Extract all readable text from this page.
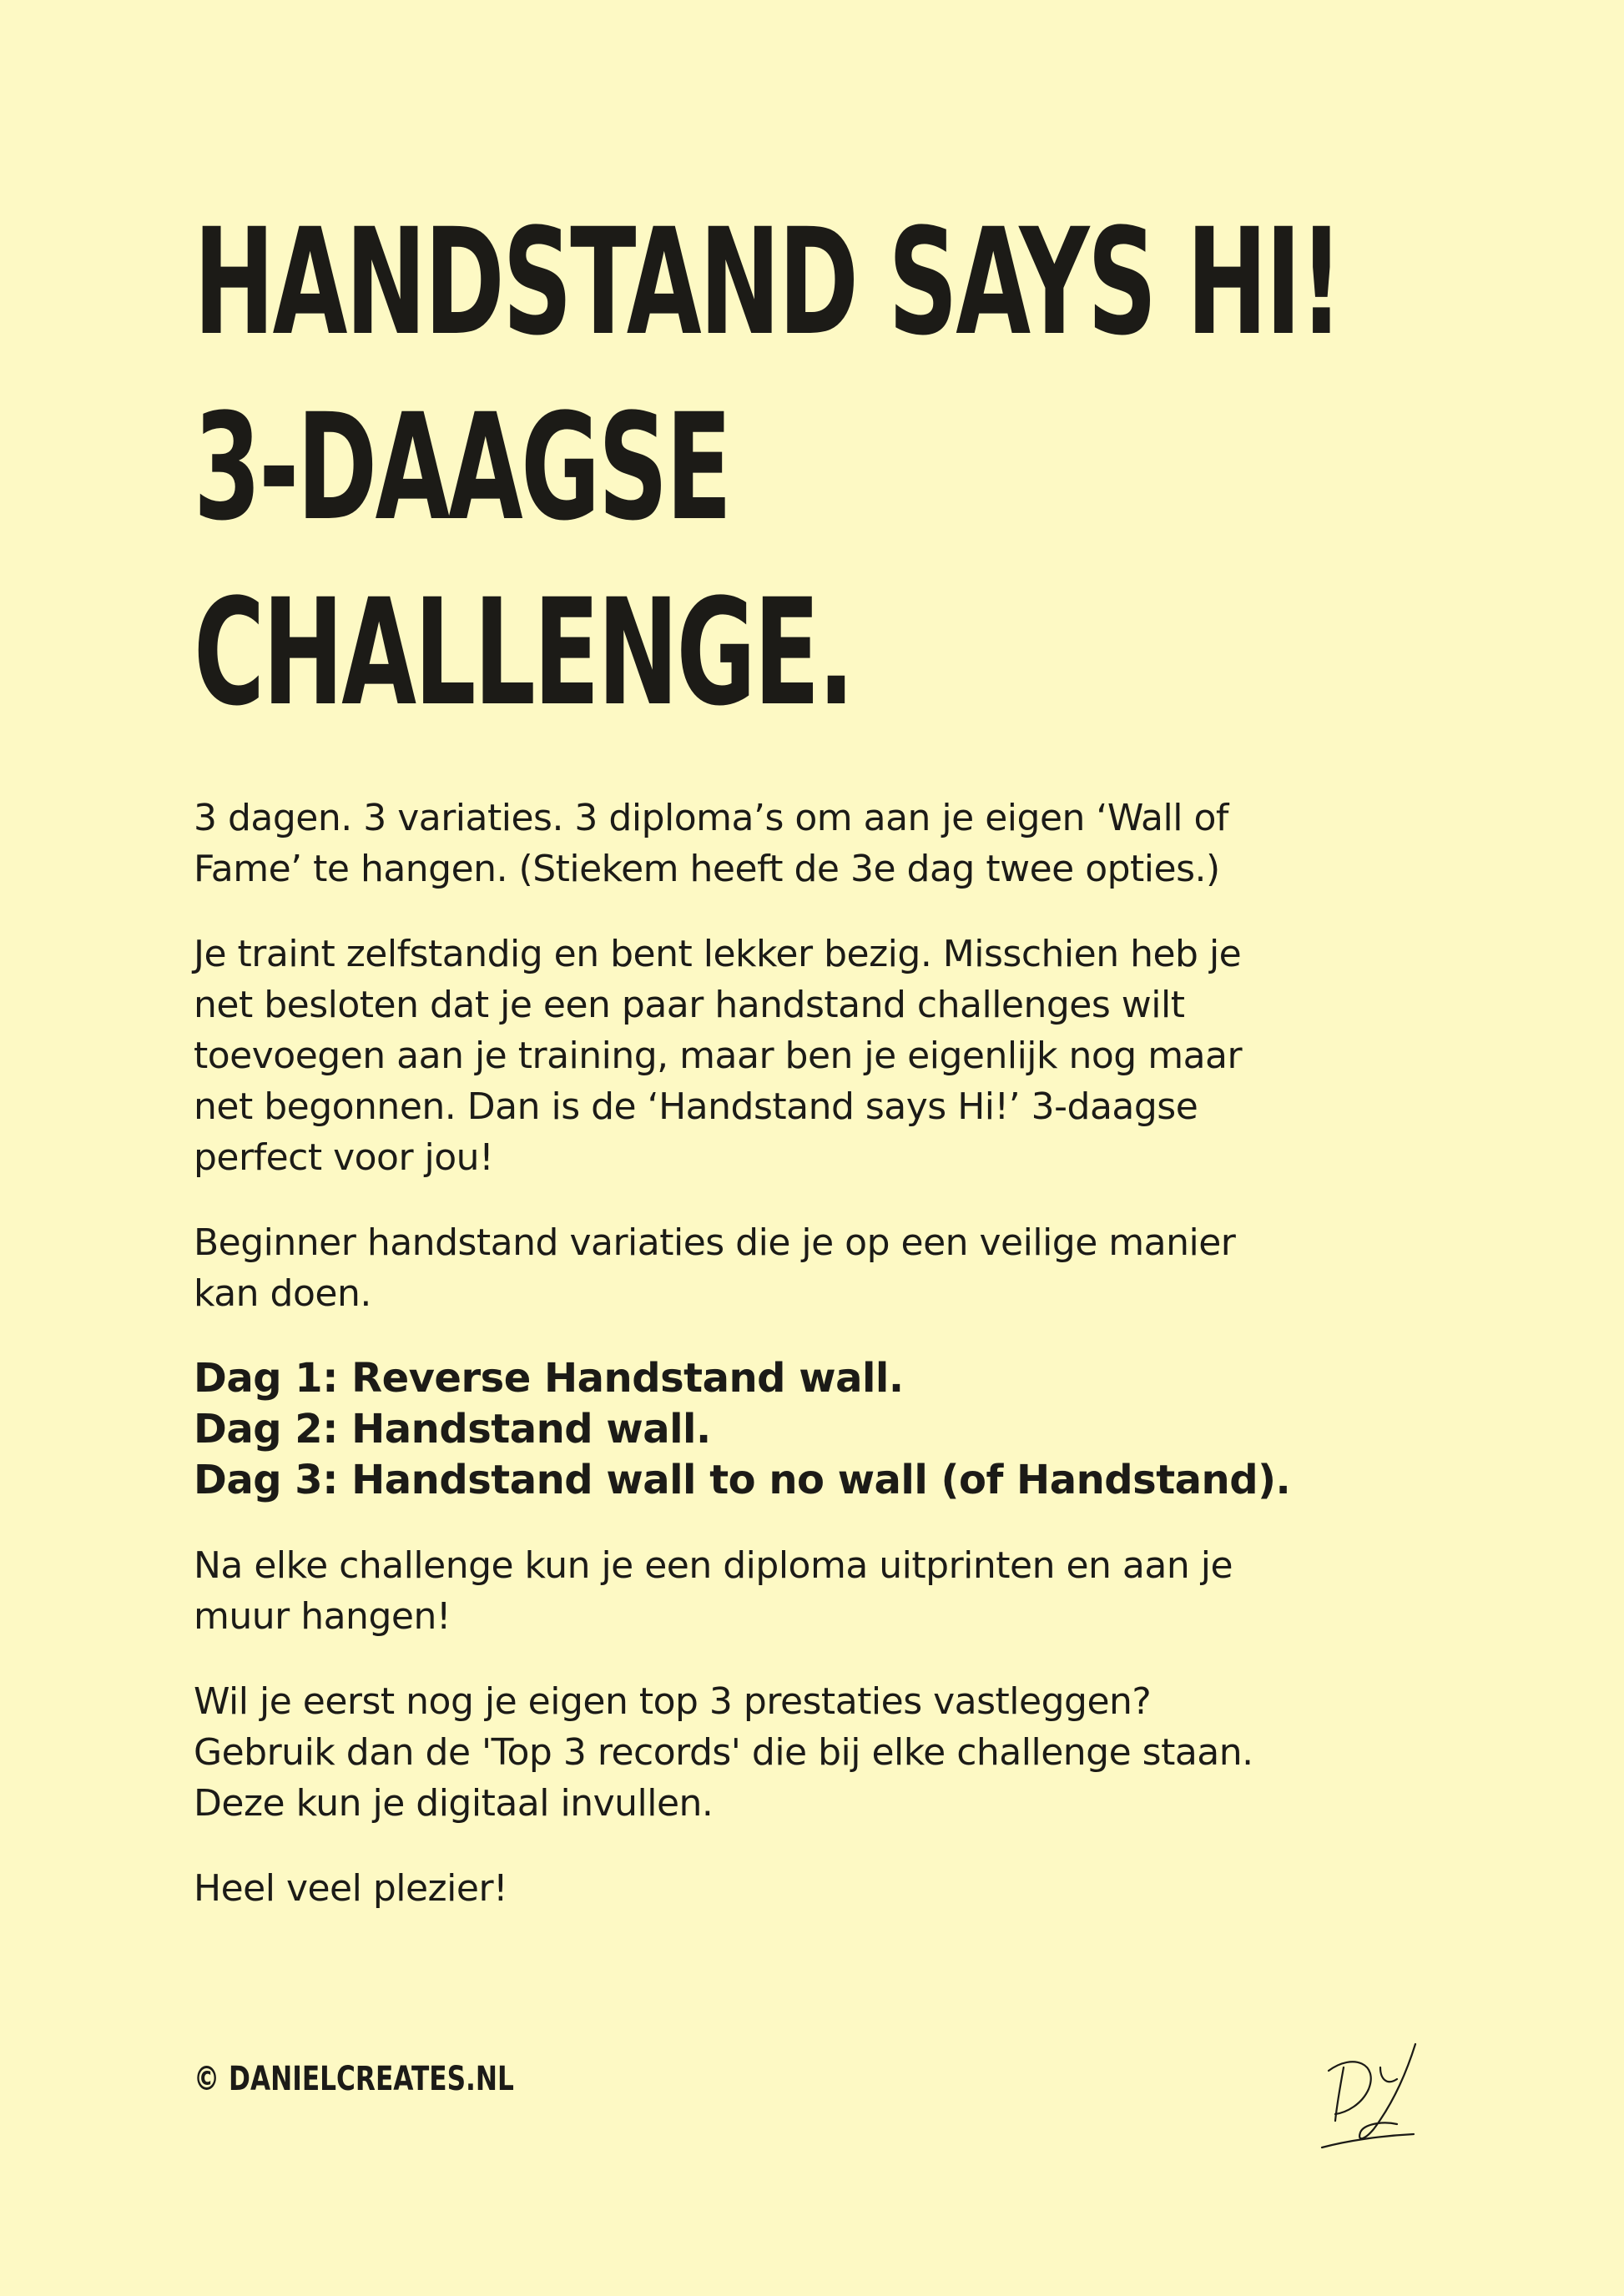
HANDSTAND SAYS HI!
3-DAAGSE
CHALLENGE.

3 dagen. 3 variaties. 3 diploma’s om aan je eigen ‘Wall of
Fame’ te hangen. (Stiekem heeft de 3e dag twee opties.)

Je traint zelfstandig en bent lekker bezig. Misschien heb je
net besloten dat je een paar handstand challenges wilt
toevoegen aan je training, maar ben je eigenlijk nog maar
net begonnen. Dan is de ‘Handstand says Hi!’ 3-daagse
perfect voor jou!

Beginner handstand variaties die je op een veilige manier
kan doen.

Dag 1: Reverse Handstand wall.
Dag 2: Handstand wall.
Dag 3: Handstand wall to no wall (of Handstand).

Na elke challenge kun je een diploma uitprinten en aan je
muur hangen!

Wil je eerst nog je eigen top 3 prestaties vastleggen?
Gebruik dan de 'Top 3 records' die bij elke challenge staan.
Deze kun je digitaal invullen.

Heel veel plezier!

© DANIELCREATES.NL
